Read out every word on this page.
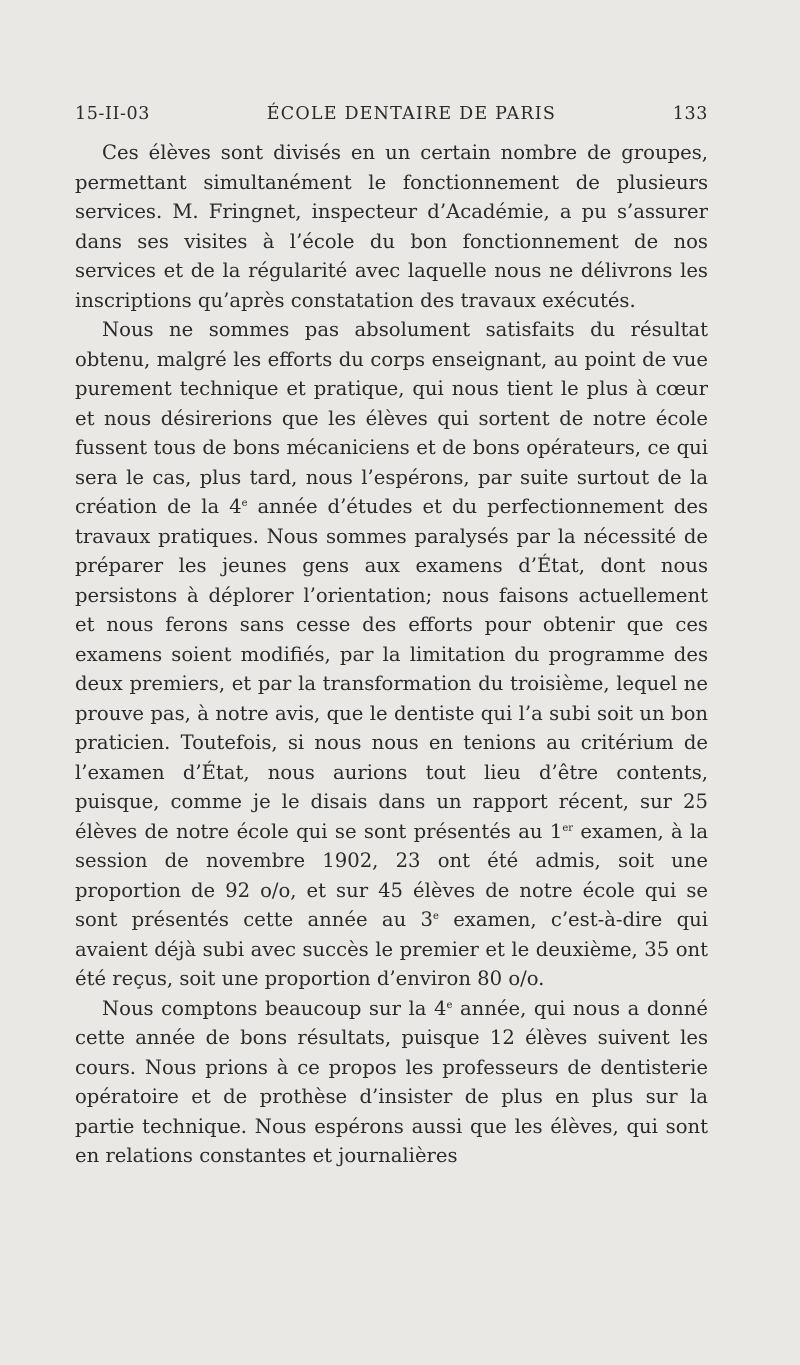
15-II-03	ÉCOLE DENTAIRE DE PARIS	133

Ces élèves sont divisés en un certain nombre de groupes, permettant simultanément le fonctionnement de plusieurs services. M. Fringnet, inspecteur d’Académie, a pu s’assurer dans ses visites à l’école du bon fonctionnement de nos services et de la régularité avec laquelle nous ne délivrons les inscriptions qu’après constatation des travaux exécutés.

Nous ne sommes pas absolument satisfaits du résultat obtenu, malgré les efforts du corps enseignant, au point de vue purement technique et pratique, qui nous tient le plus à cœur et nous désirerions que les élèves qui sortent de notre école fussent tous de bons mécaniciens et de bons opérateurs, ce qui sera le cas, plus tard, nous l’espérons, par suite surtout de la création de la 4e année d’études et du perfectionnement des travaux pratiques. Nous sommes paralysés par la nécessité de préparer les jeunes gens aux examens d’État, dont nous persistons à déplorer l’orientation; nous faisons actuellement et nous ferons sans cesse des efforts pour obtenir que ces examens soient modifiés, par la limitation du programme des deux premiers, et par la transformation du troisième, lequel ne prouve pas, à notre avis, que le dentiste qui l’a subi soit un bon praticien. Toutefois, si nous nous en tenions au critérium de l’examen d’État, nous aurions tout lieu d’être contents, puisque, comme je le disais dans un rapport récent, sur 25 élèves de notre école qui se sont présentés au 1er examen, à la session de novembre 1902, 23 ont été admis, soit une proportion de 92 o/o, et sur 45 élèves de notre école qui se sont présentés cette année au 3e examen, c’est-à-dire qui avaient déjà subi avec succès le premier et le deuxième, 35 ont été reçus, soit une proportion d’environ 80 o/o.

Nous comptons beaucoup sur la 4e année, qui nous a donné cette année de bons résultats, puisque 12 élèves suivent les cours. Nous prions à ce propos les professeurs de dentisterie opératoire et de prothèse d’insister de plus en plus sur la partie technique. Nous espérons aussi que les élèves, qui sont en relations constantes et journalières
